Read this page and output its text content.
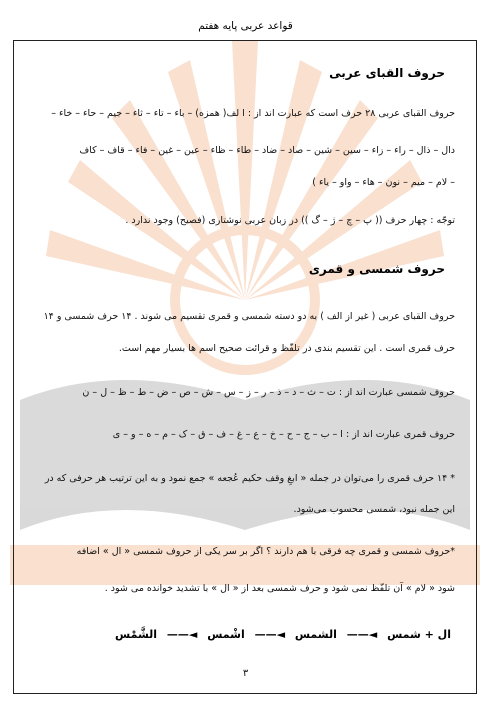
قواعد عربی پایه هفتم
حروف القبای عربی
حروف القبای عربی ۲۸ حرف است که عبارت اند از : ا لف( همزه) – باء – تاء – ثاء – جیم – حاء – خاء –
دال – ذال – راء – زاء – سین – شین – صاد – ضاد – طاء – ظاء – عین – غین – فاء – قاف – کاف
– لام – میم – نون – هاء – واو – یاء )
توجّه : چهار حرف (( پ – چ – ژ – گ )) در زبان عربی نوشتاری (فصیح) وجود ندارد .
حروف شمسی و قمری
حروف القبای عربی ( غیر از الف ) به دو دسته شمسی و قمری تقسیم می شوند . ۱۴ حرف شمسی و ۱۴
حرف قمری است . این تقسیم بندی در تلفّظ و قرائت صحیح اسم ها بسیار مهم است.
حروف شمسی عبارت اند از : ت – ث – د – ذ – ر – ز – س – ش – ص – ض – ط – ظ – ل – ن
حروف قمری عبارت اند از : ا – ب – ج – ح – خ – ع – غ – ف – ق – ک – م – ه – و – ی
* ۱۴ حرف قمری را می‌توان در جمله « ابغِ وقف حکیم عُجعه » جمع نمود و به این ترتیب هر حرفی که در
این جمله نبود، شمسی محسوب می‌شود.
*حروف شمسی و قمری چه فرقی با هم دارند ؟ اگر بر سر یکی از حروف شمسی « ال » اضافه
شود « لام » آن تلفّظ نمی شود و حرف شمسی بعد از « ال » با تشدید خوانده می شود .
ال + شمس ◄—— الشمس ◄—— اشْمس ◄—— الشَّمْس
۳
